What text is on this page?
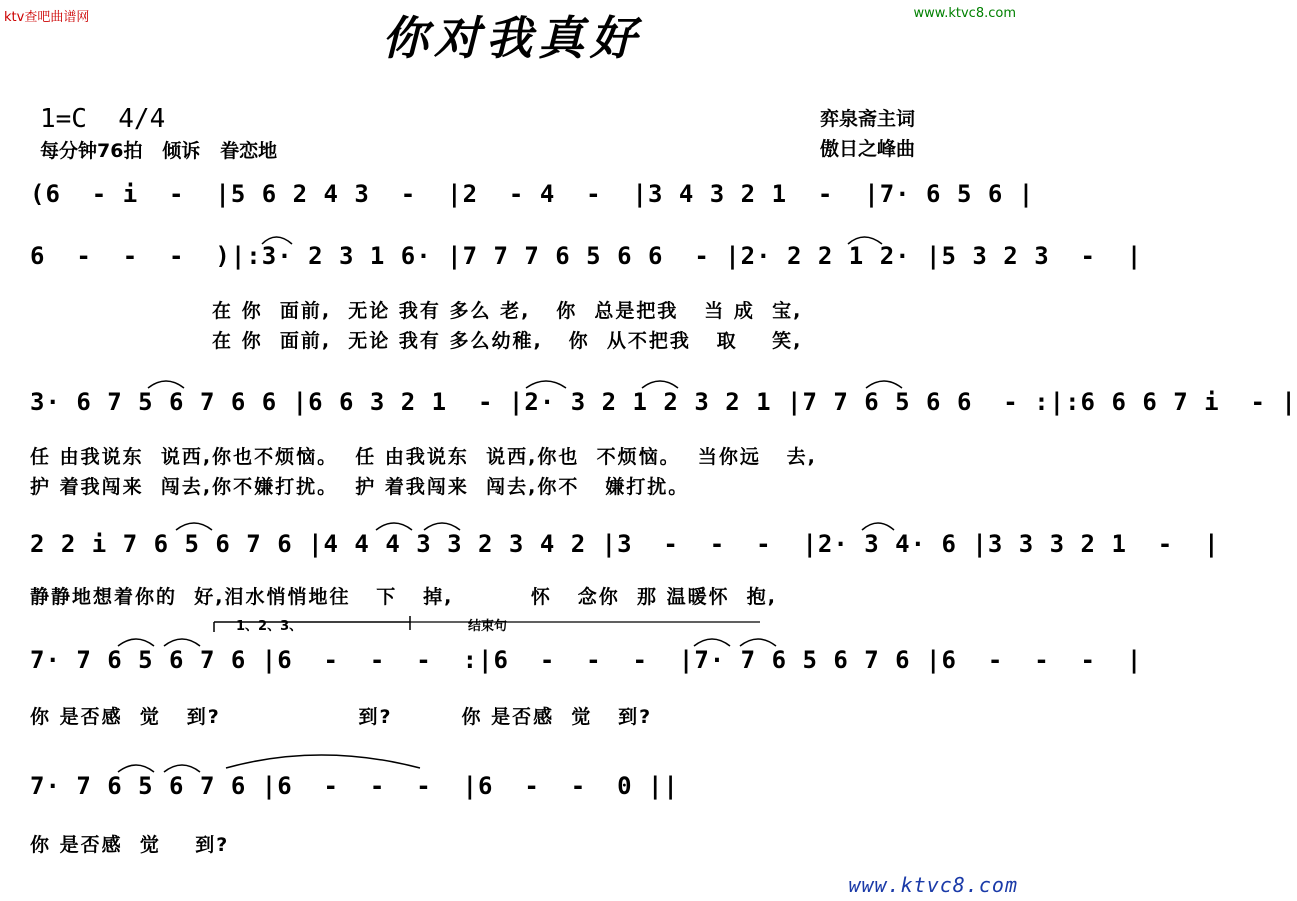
ktv查吧曲谱网	www.ktvc8.com
你对我真好
1=C  4/4
每分钟76拍   倾诉   眷恋地
弈泉斋主词
傲日之峰曲
(6  - i  -  |5 6 2 4 3  -  |2  - 4  -  |3 4 3 2 1  -  |7· 6 5 6 |
6  -  -  -  )|:3· 2 3 1 6· |7 7 7 6 5 6 6  - |2· 2 2 1 2· |5 3 2 3  -  |
在 你  面前,  无论 我有 多么 老,   你  总是把我   当 成  宝,
在 你  面前,  无论 我有 多么幼稚,   你  从不把我   取    笑,
3· 6 7 5 6 7 6 6 |6 6 3 2 1  - |2· 3 2 1 2 3 2 1 |7 7 6 5 6 6  - :|:6 6 6 7 i  - |
任 由我说东  说西,你也不烦恼。  任 由我说东  说西,你也  不烦恼。  当你远   去,
护 着我闯来  闯去,你不嫌打扰。  护 着我闯来  闯去,你不   嫌打扰。
2 2 i 7 6 5 6 7 6 |4 4 4 3 3 2 3 4 2 |3  -  -  -  |2· 3 4· 6 |3 3 3 2 1  -  |
静静地想着你的  好,泪水悄悄地往   下   掉,         怀   念你  那 温暖怀  抱,
1、2、3、	结束句
7· 7 6 5 6 7 6 |6  -  -  -  :|6  -  -  -  |7· 7 6 5 6 7 6 |6  -  -  -  |
你 是否感  觉   到?                到?        你 是否感  觉   到?
7· 7 6 5 6 7 6 |6  -  -  -  |6  -  -  0 ||
你 是否感  觉    到?
www.ktvc8.com
